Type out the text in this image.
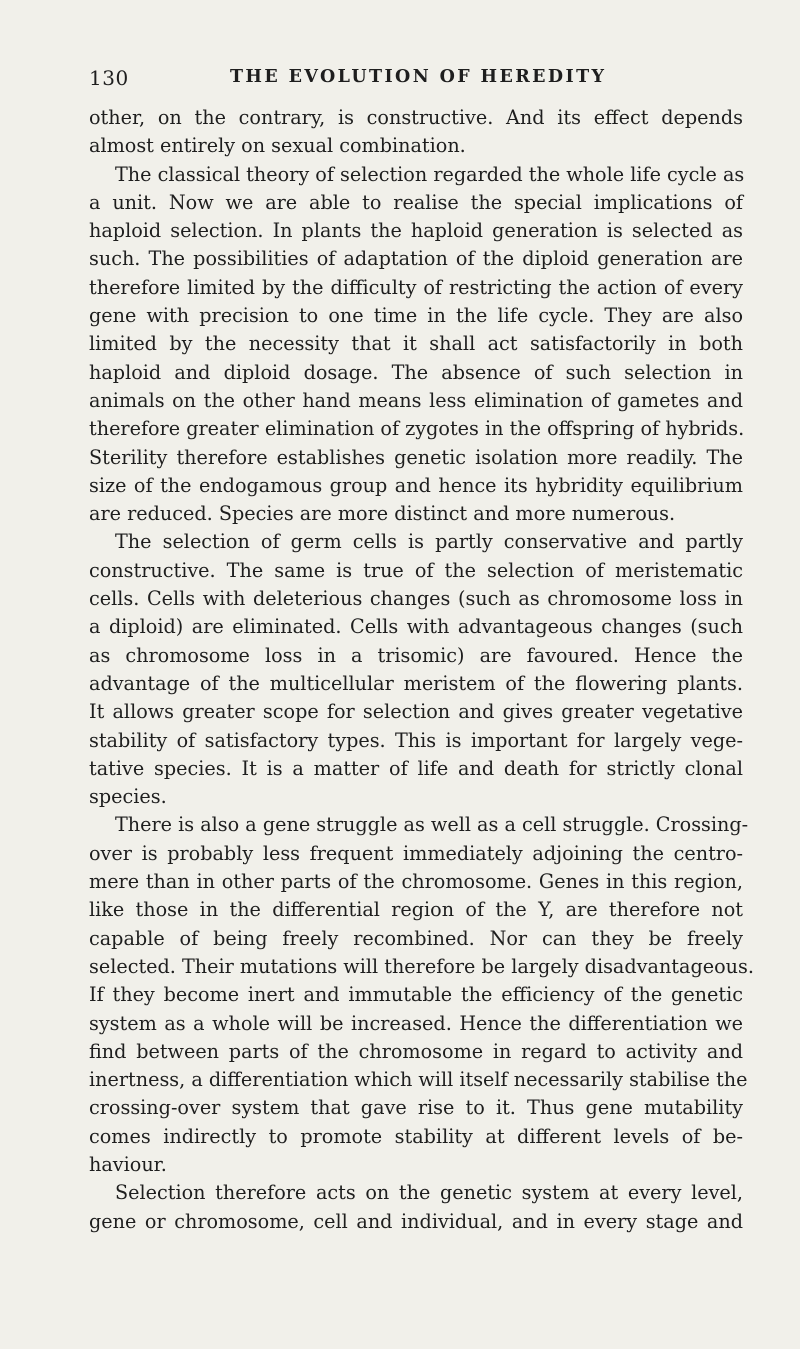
130	THE EVOLUTION OF HEREDITY
other, on the contrary, is constructive. And its effect depends
almost entirely on sexual combination.
The classical theory of selection regarded the whole life cycle as
a unit. Now we are able to realise the special implications of
haploid selection. In plants the haploid generation is selected as
such. The possibilities of adaptation of the diploid generation are
therefore limited by the difficulty of restricting the action of every
gene with precision to one time in the life cycle. They are also
limited by the necessity that it shall act satisfactorily in both
haploid and diploid dosage. The absence of such selection in
animals on the other hand means less elimination of gametes and
therefore greater elimination of zygotes in the offspring of hybrids.
Sterility therefore establishes genetic isolation more readily. The
size of the endogamous group and hence its hybridity equilibrium
are reduced. Species are more distinct and more numerous.
The selection of germ cells is partly conservative and partly
constructive. The same is true of the selection of meristematic
cells. Cells with deleterious changes (such as chromosome loss in
a diploid) are eliminated. Cells with advantageous changes (such
as chromosome loss in a trisomic) are favoured. Hence the
advantage of the multicellular meristem of the flowering plants.
It allows greater scope for selection and gives greater vegetative
stability of satisfactory types. This is important for largely vege-
tative species. It is a matter of life and death for strictly clonal
species.
There is also a gene struggle as well as a cell struggle. Crossing-
over is probably less frequent immediately adjoining the centro-
mere than in other parts of the chromosome. Genes in this region,
like those in the differential region of the Y, are therefore not
capable of being freely recombined. Nor can they be freely
selected. Their mutations will therefore be largely disadvantageous.
If they become inert and immutable the efficiency of the genetic
system as a whole will be increased. Hence the differentiation we
find between parts of the chromosome in regard to activity and
inertness, a differentiation which will itself necessarily stabilise the
crossing-over system that gave rise to it. Thus gene mutability
comes indirectly to promote stability at different levels of be-
haviour.
Selection therefore acts on the genetic system at every level,
gene or chromosome, cell and individual, and in every stage and
